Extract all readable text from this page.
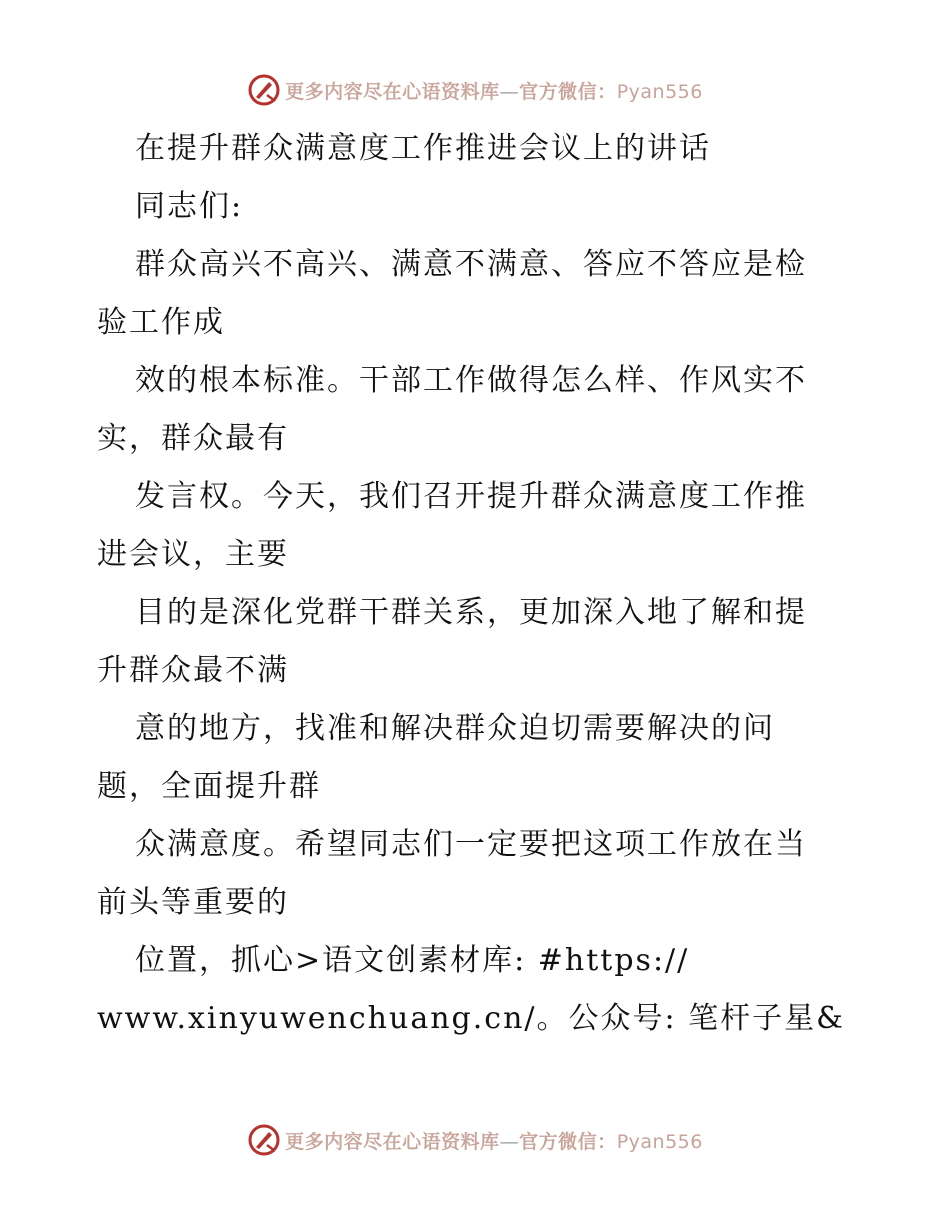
更多内容尽在心语资料库—官方微信：Pyan556
在提升群众满意度工作推进会议上的讲话
同志们:
群众高兴不高兴、满意不满意、答应不答应是检
验工作成
效的根本标准。干部工作做得怎么样、作风实不
实，群众最有
发言权。今天，我们召开提升群众满意度工作推
进会议，主要
目的是深化党群干群关系，更加深入地了解和提
升群众最不满
意的地方，找准和解决群众迫切需要解决的问
题，全面提升群
众满意度。希望同志们一定要把这项工作放在当
前头等重要的
位置，抓心>语文创素材库: #https://
www.xinyuwenchuang.cn/。公众号: 笔杆子星&
更多内容尽在心语资料库—官方微信：Pyan556
